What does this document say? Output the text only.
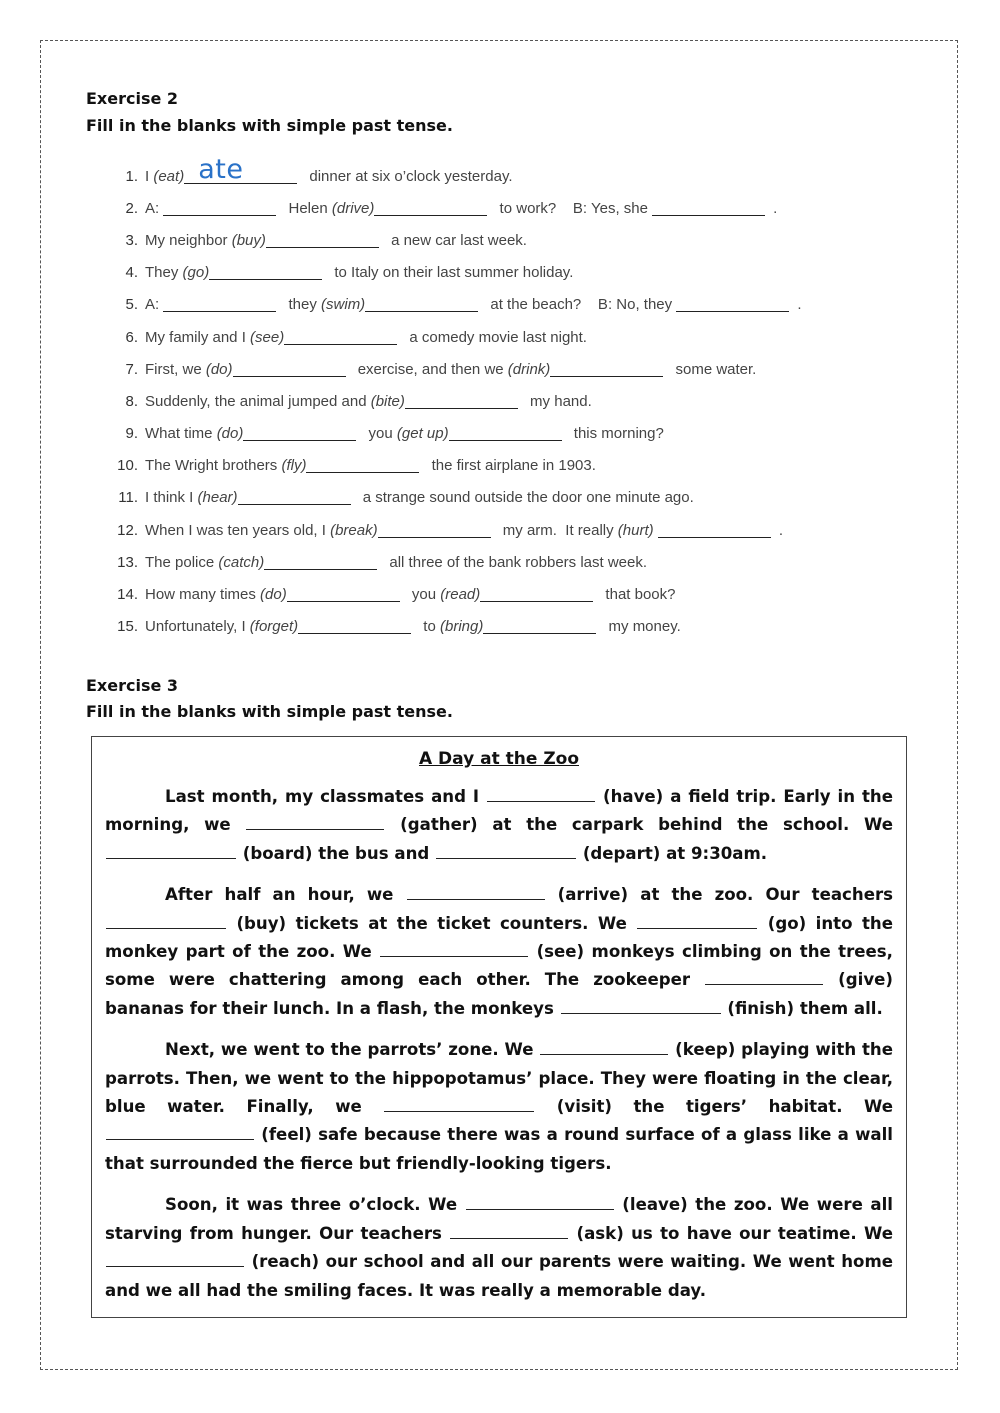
Exercise 2
Fill in the blanks with simple past tense.
1. I (eat) ate	dinner at six o’clock yesterday.
2. A:	Helen (drive)	to work?    B: Yes, she	.
3. My neighbor (buy)	a new car last week.
4. They (go)	to Italy on their last summer holiday.
5. A:	they (swim)	at the beach?    B: No, they	.
6. My family and I (see)	a comedy movie last night.
7. First, we (do)	exercise, and then we (drink)	some water.
8. Suddenly, the animal jumped and (bite)	my hand.
9. What time (do)	you (get up)	this morning?
10. The Wright brothers (fly)	the first airplane in 1903.
11. I think I (hear)	a strange sound outside the door one minute ago.
12. When I was ten years old, I (break)	my arm.  It really (hurt)
	.
13. The police (catch)	all three of the bank robbers last week.
14. How many times (do)	you (read)	that book?
15. Unfortunately, I (forget)	to (bring)	my money.
Exercise 3
Fill in the blanks with simple past tense.
A Day at the Zoo

Last month, my classmates and I	(have) a field trip. Early in the morning, we	(gather) at the carpark behind the school. We  (board) the bus and	(depart) at 9:30am.

After half an hour, we	(arrive) at the zoo. Our teachers  (buy) tickets at the ticket counters. We	(go) into the monkey part of the zoo. We	(see) monkeys climbing on the trees, some were chattering among each other. The zookeeper	(give) bananas for their lunch. In a flash, the monkeys	(finish) them all.

Next, we went to the parrots’ zone. We	(keep) playing with the parrots. Then, we went to the hippopotamus’ place. They were floating in the clear, blue water. Finally, we	(visit) the tigers’ habitat. We  (feel) safe because there was a round surface of a glass like a wall that surrounded the fierce but friendly-looking tigers.

Soon, it was three o’clock. We	(leave) the zoo. We were all starving from hunger. Our teachers	(ask) us to have our teatime. We  (reach) our school and all our parents were waiting. We went home and we all had the smiling faces. It was really a memorable day.
